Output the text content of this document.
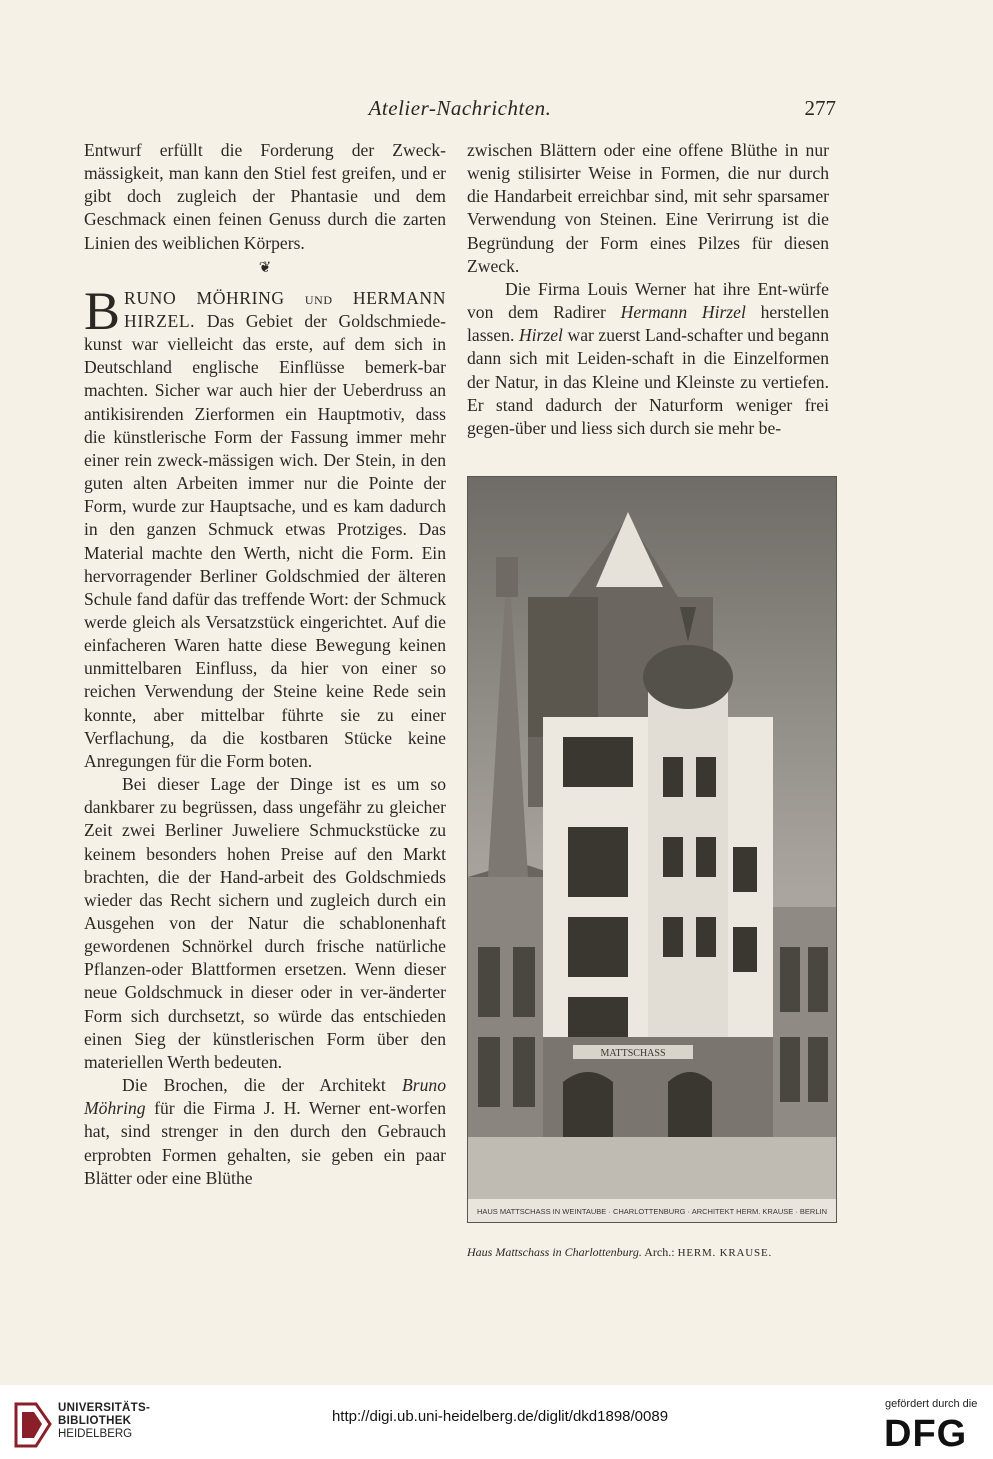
Atelier-Nachrichten.	277

Entwurf erfüllt die Forderung der Zweck-mässigkeit, man kann den Stiel fest greifen, und er gibt doch zugleich der Phantasie und dem Geschmack einen feinen Genuss durch die zarten Linien des weiblichen Körpers.

❦

BRUNO MÖHRING und HERMANN HIRZEL. Das Gebiet der Goldschmiede-kunst war vielleicht das erste, auf dem sich in Deutschland englische Einflüsse bemerk-bar machten. Sicher war auch hier der Ueberdruss an antikisirenden Zierformen ein Hauptmotiv, dass die künstlerische Form der Fassung immer mehr einer rein zweck-mässigen wich. Der Stein, in den guten alten Arbeiten immer nur die Pointe der Form, wurde zur Hauptsache, und es kam dadurch in den ganzen Schmuck etwas Protziges. Das Material machte den Werth, nicht die Form. Ein hervorragender Berliner Goldschmied der älteren Schule fand dafür das treffende Wort: der Schmuck werde gleich als Versatzstück eingerichtet. Auf die einfacheren Waren hatte diese Bewegung keinen unmittelbaren Einfluss, da hier von einer so reichen Verwendung der Steine keine Rede sein konnte, aber mittelbar führte sie zu einer Verflachung, da die kostbaren Stücke keine Anregungen für die Form boten.

Bei dieser Lage der Dinge ist es um so dankbarer zu begrüssen, dass ungefähr zu gleicher Zeit zwei Berliner Juweliere Schmuckstücke zu keinem besonders hohen Preise auf den Markt brachten, die der Hand-arbeit des Goldschmieds wieder das Recht sichern und zugleich durch ein Ausgehen von der Natur die schablonenhaft gewordenen Schnörkel durch frische natürliche Pflanzen-oder Blattformen ersetzen. Wenn dieser neue Goldschmuck in dieser oder in ver-änderter Form sich durchsetzt, so würde das entschieden einen Sieg der künstlerischen Form über den materiellen Werth bedeuten.

Die Brochen, die der Architekt Bruno Möhring für die Firma J. H. Werner ent-worfen hat, sind strenger in den durch den Gebrauch erprobten Formen gehalten, sie geben ein paar Blätter oder eine Blüthe

zwischen Blättern oder eine offene Blüthe in nur wenig stilisirter Weise in Formen, die nur durch die Handarbeit erreichbar sind, mit sehr sparsamer Verwendung von Steinen. Eine Verirrung ist die Begründung der Form eines Pilzes für diesen Zweck.

Die Firma Louis Werner hat ihre Ent-würfe von dem Radirer Hermann Hirzel herstellen lassen. Hirzel war zuerst Land-schafter und begann dann sich mit Leiden-schaft in die Einzelformen der Natur, in das Kleine und Kleinste zu vertiefen. Er stand dadurch der Naturform weniger frei gegen-über und liess sich durch sie mehr be-

MATTSCHASS
HAUS MATTSCHASS IN WEINTAUBE · CHARLOTTENBURG · ARCHITEKT HERM. KRAUSE · BERLIN
Haus Mattschass in Charlottenburg. Arch.: HERM. KRAUSE.
UNIVERSITÄTS-
BIBLIOTHEK
HEIDELBERG
http://digi.ub.uni-heidelberg.de/diglit/dkd1898/0089
gefördert durch die
DFG
